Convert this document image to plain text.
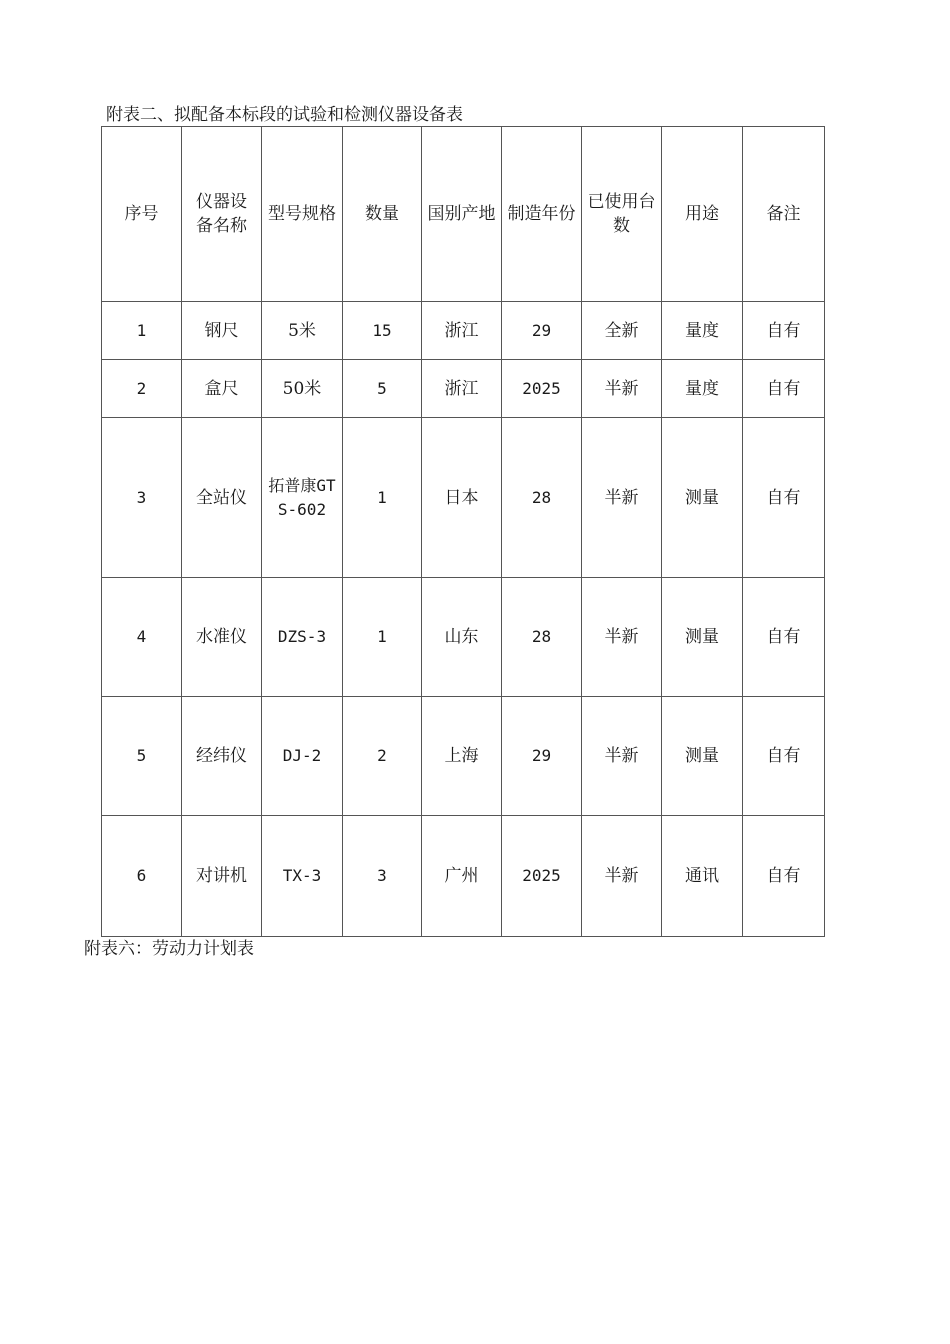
附表二、拟配备本标段的试验和检测仪器设备表
序号	仪器设备名称	型号规格	数量	国别产地	制造年份	已使用台数	用途	备注
1	钢尺	5米	15	浙江	29	全新	量度	自有
2	盒尺	50米	5	浙江	2025	半新	量度	自有
3	全站仪	拓普康GTS-602	1	日本	28	半新	测量	自有
4	水准仪	DZS-3	1	山东	28	半新	测量	自有
5	经纬仪	DJ-2	2	上海	29	半新	测量	自有
6	对讲机	TX-3	3	广州	2025	半新	通讯	自有
附表六：劳动力计划表
